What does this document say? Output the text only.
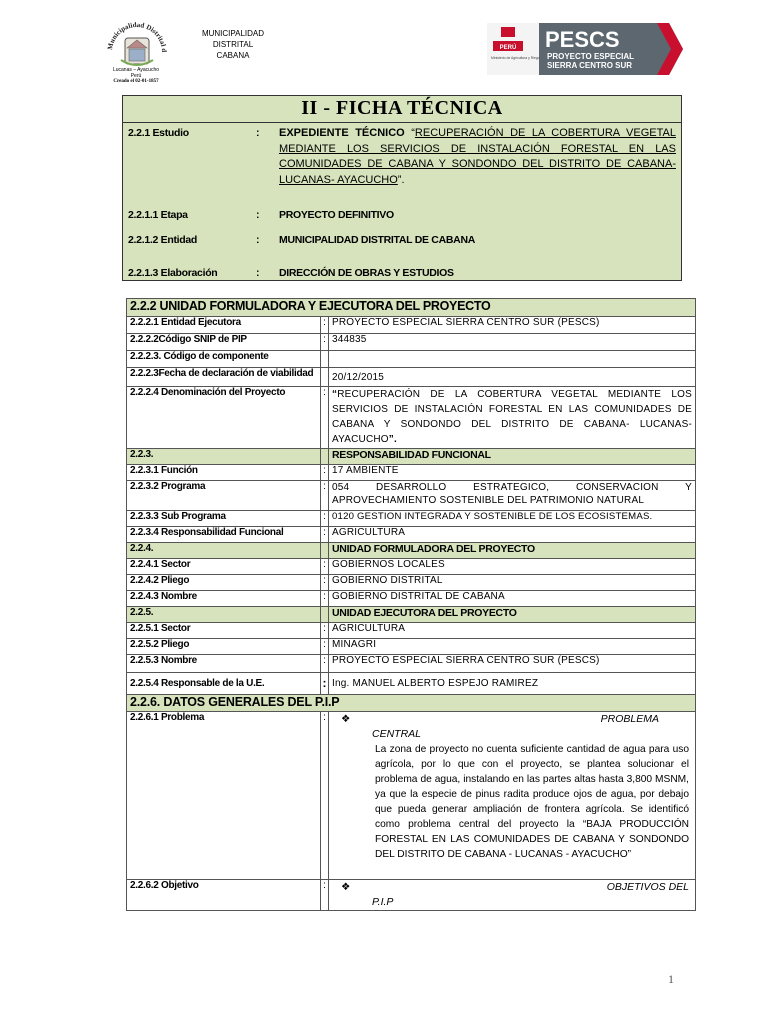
Municipalidad Distrital d
Lucanas – Ayacucho
Perú
Creado el 02-01-1857
MUNICIPALIDAD
DISTRITAL
CABANA
PERÚ
Ministerio de Agricultura y Riego
PESCS
PROYECTO ESPECIAL
SIERRA CENTRO SUR
II - FICHA TÉCNICA
2.2.1 Estudio	: EXPEDIENTE TÉCNICO “RECUPERACIÓN DE LA COBERTURA VEGETAL MEDIANTE LOS SERVICIOS DE INSTALACIÓN FORESTAL EN LAS COMUNIDADES DE CABANA Y SONDONDO DEL DISTRITO DE CABANA- LUCANAS- AYACUCHO”.
2.2.1.1 Etapa	: PROYECTO DEFINITIVO
2.2.1.2 Entidad	: MUNICIPALIDAD DISTRITAL DE CABANA
2.2.1.3 Elaboración	: DIRECCIÓN DE OBRAS Y ESTUDIOS
2.2.2 UNIDAD FORMULADORA Y EJECUTORA DEL PROYECTO		
2.2.2.1 Entidad Ejecutora	:	PROYECTO ESPECIAL SIERRA CENTRO SUR (PESCS)
2.2.2.2Código SNIP de PIP	:	344835
2.2.2.3. Código de componente		
2.2.2.3Fecha de declaración de viabilidad		20/12/2015
2.2.2.4 Denominación del Proyecto	:	“RECUPERACIÓN DE LA COBERTURA VEGETAL MEDIANTE LOS SERVICIOS DE INSTALACIÓN FORESTAL EN LAS COMUNIDADES DE CABANA Y SONDONDO DEL DISTRITO DE CABANA- LUCANAS- AYACUCHO”.
2.2.3.		RESPONSABILIDAD FUNCIONAL
2.2.3.1 Función	:	17 AMBIENTE
2.2.3.2 Programa	:	054 DESARROLLO ESTRATEGICO, CONSERVACION Y APROVECHAMIENTO SOSTENIBLE DEL PATRIMONIO NATURAL
2.2.3.3 Sub Programa	:	0120 GESTION INTEGRADA Y SOSTENIBLE DE LOS ECOSISTEMAS.
2.2.3.4 Responsabilidad Funcional	:	AGRICULTURA
2.2.4.		UNIDAD FORMULADORA DEL PROYECTO
2.2.4.1 Sector	:	GOBIERNOS LOCALES
2.2.4.2 Pliego	:	GOBIERNO DISTRITAL
2.2.4.3 Nombre	:	GOBIERNO DISTRITAL DE CABANA
2.2.5.		UNIDAD EJECUTORA DEL PROYECTO
2.2.5.1 Sector	:	AGRICULTURA
2.2.5.2 Pliego	:	MINAGRI
2.2.5.3 Nombre	:	PROYECTO ESPECIAL SIERRA CENTRO SUR (PESCS)
2.2.5.4 Responsable de la U.E.	:	Ing. MANUEL ALBERTO ESPEJO RAMIREZ
2.2.6. DATOS GENERALES DEL P.I.P		
2.2.6.1 Problema	:	❖ PROBLEMA
CENTRAL
La zona de proyecto no cuenta suficiente cantidad de agua para uso agrícola, por lo que con el proyecto, se plantea solucionar el problema de agua, instalando en las partes altas hasta 3,800 MSNM, ya que la especie de pinus radita produce ojos de agua, por debajo que pueda generar ampliación de frontera agrícola. Se identificó como problema central del proyecto la “BAJA PRODUCCIÓN FORESTAL EN LAS COMUNIDADES DE CABANA Y SONDONDO DEL DISTRITO DE CABANA - LUCANAS - AYACUCHO”

2.2.6.2 Objetivo	:	❖ OBJETIVOS DEL
P.I.P
1
